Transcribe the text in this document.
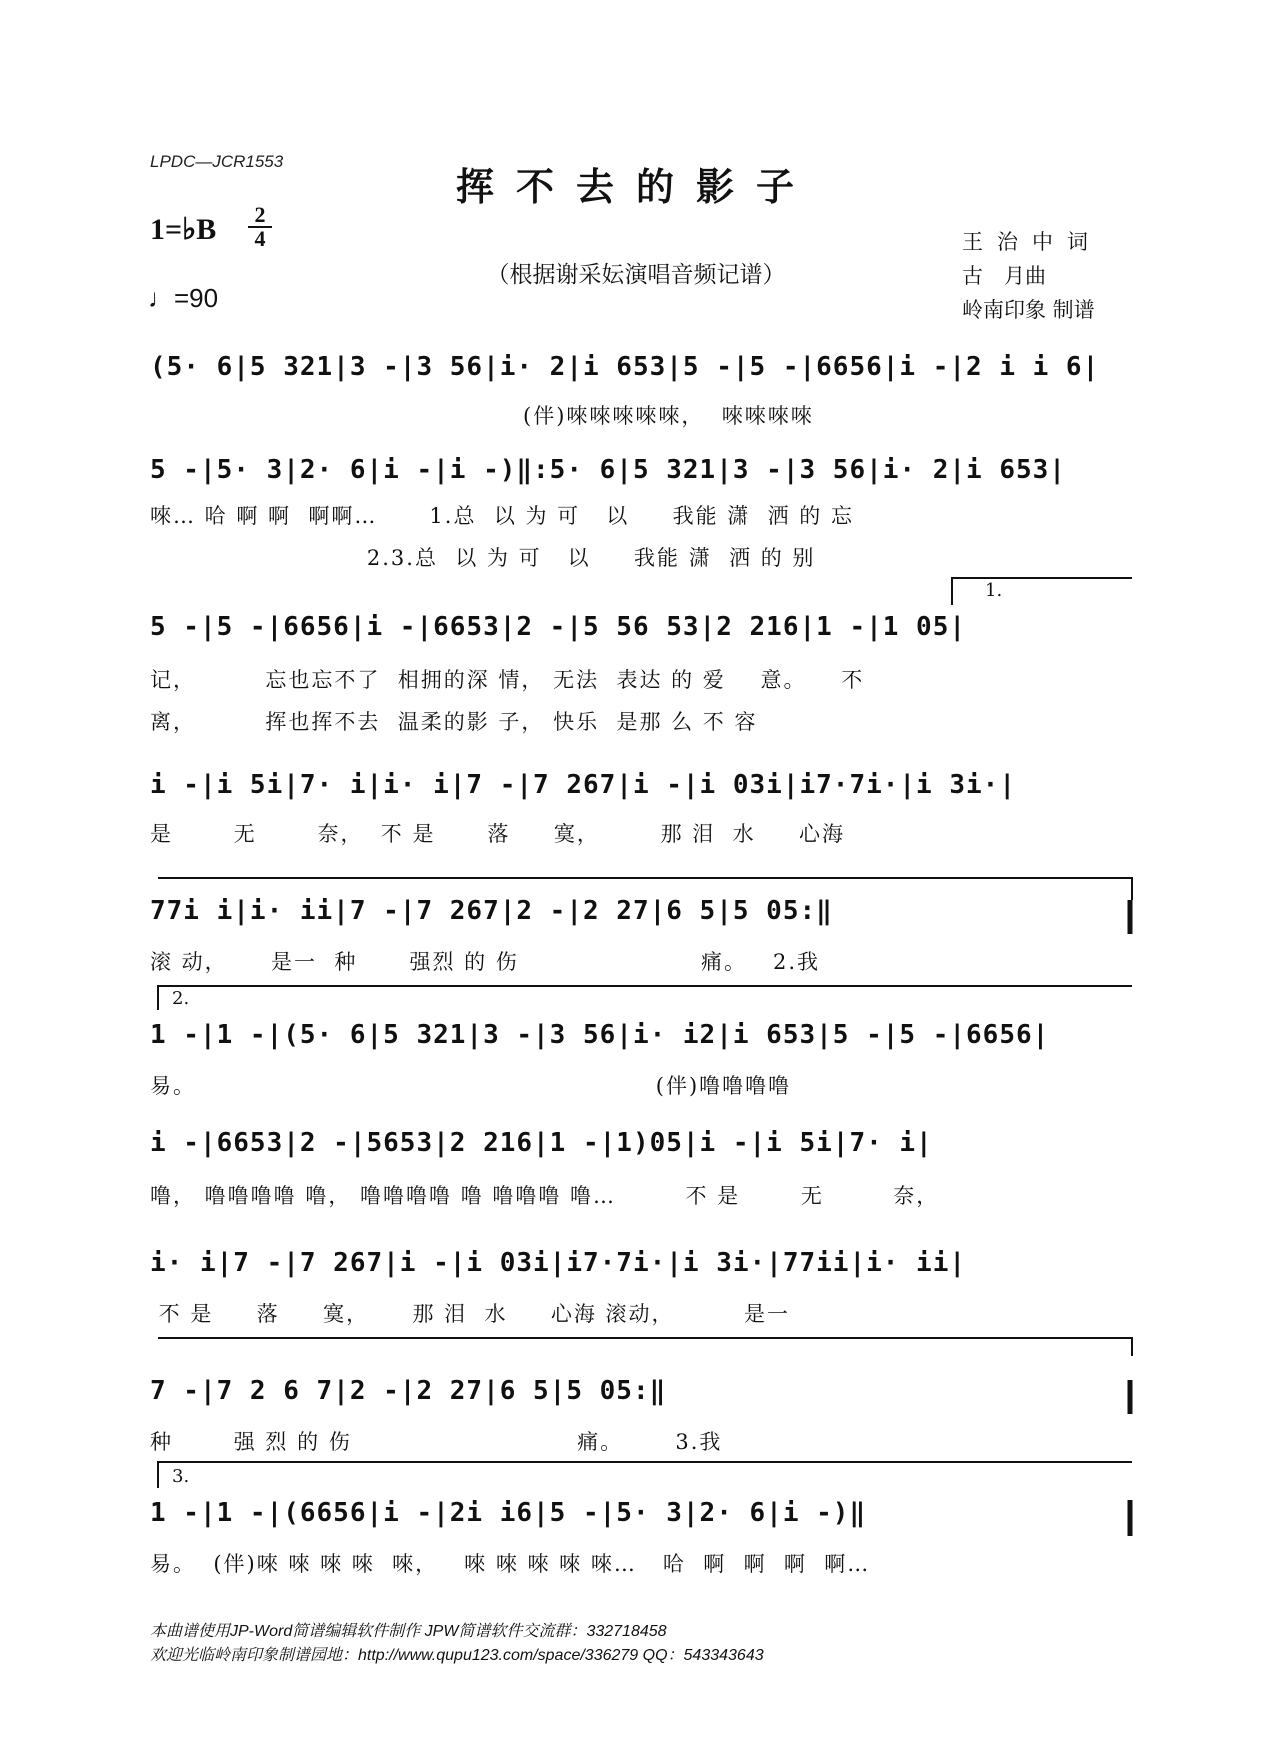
LPDC—JCR1553
挥不去的影子
1=♭B 2
4
（根据谢采妘演唱音频记谱）
♩=90
王治中词
古　月曲
岭南印象 制谱
(5· 6|5 321|3 -|3 56|i· 2|i 653|5 -|5 -|6656|i -|2 i i 6|
(伴)唻唻唻唻唻，  唻唻唻唻
5 -|5· 3|2· 6|i -|i -)‖:5· 6|5 321|3 -|3 56|i· 2|i 653|
唻… 哈 啊 啊  啊啊…      1.总  以 为 可   以     我能 潇  洒 的 忘
2.3.总  以 为 可   以     我能 潇  洒 的 别
5 -|5 -|6656|i -|6653|2 -|5 56 53|2 216|1 -|1 05|
1.
记，        忘也忘不了  相拥的深 情， 无法  表达 的 爱    意。    不
离，        挥也挥不去  温柔的影 子， 快乐  是那 么 不 容
i -|i 5i|7· i|i· i|7 -|7 267|i -|i 03i|i7·7i·|i 3i·|
是       无       奈，  不 是      落     寞，       那 泪  水     心海
77i i|i· ii|7 -|7 267|2 -|2 27|6 5|5 05:‖
滚 动，     是一  种      强烈 的 伤                     痛。   2.我
1 -|1 -|(5· 6|5 321|3 -|3 56|i· i2|i 653|5 -|5 -|6656|
2.
易。                                                     (伴)噜噜噜噜
i -|6653|2 -|5653|2 216|1 -|1)05|i -|i 5i|7· i|
噜， 噜噜噜噜 噜， 噜噜噜噜 噜 噜噜噜 噜…        不 是       无        奈，
i· i|7 -|7 267|i -|i 03i|i7·7i·|i 3i·|77ii|i· ii|
不 是     落     寞，     那 泪  水     心海 滚动，        是一
7 -|7 2 6 7|2 -|2 27|6 5|5 05:‖
种       强 烈 的 伤                          痛。      3.我
1 -|1 -|(6656|i -|2i i6|5 -|5· 3|2· 6|i -)‖
3.
易。  (伴)唻 唻 唻 唻  唻，   唻 唻 唻 唻 唻…   哈  啊  啊  啊  啊…
本曲谱使用JP-Word简谱编辑软件制作 JPW简谱软件交流群：332718458
欢迎光临岭南印象制谱园地：http://www.qupu123.com/space/336279 QQ：543343643
